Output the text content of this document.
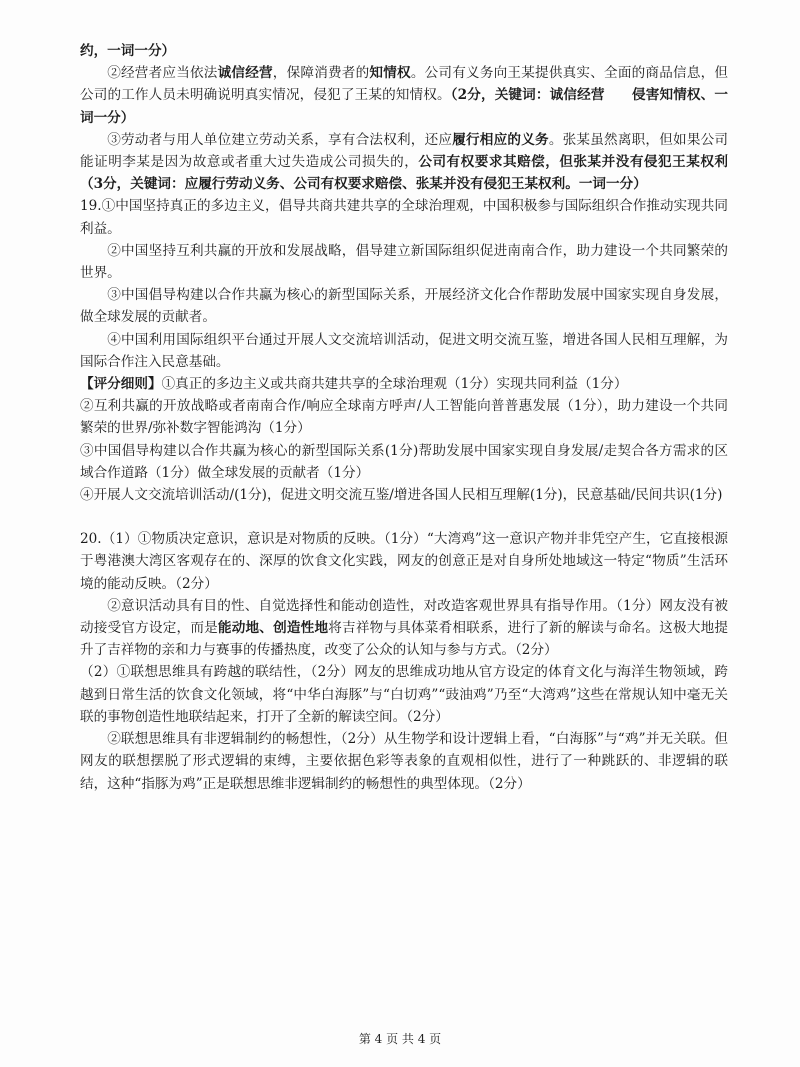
约，一词一分）

②经营者应当依法诚信经营，保障消费者的知情权。公司有义务向王某提供真实、全面的商品信息，但公司的工作人员未明确说明真实情况，侵犯了王某的知情权。（2分，关键词：诚信经营　　侵害知情权、一词一分）

③劳动者与用人单位建立劳动关系，享有合法权利，还应履行相应的义务。张某虽然离职，但如果公司能证明李某是因为故意或者重大过失造成公司损失的，公司有权要求其赔偿，但张某并没有侵犯王某权利（3分，关键词：应履行劳动义务、公司有权要求赔偿、张某并没有侵犯王某权利。一词一分）

19.①中国坚持真正的多边主义，倡导共商共建共享的全球治理观，中国积极参与国际组织合作推动实现共同利益。

②中国坚持互利共赢的开放和发展战略，倡导建立新国际组织促进南南合作，助力建设一个共同繁荣的世界。

③中国倡导构建以合作共赢为核心的新型国际关系，开展经济文化合作帮助发展中国家实现自身发展，做全球发展的贡献者。

④中国利用国际组织平台通过开展人文交流培训活动，促进文明交流互鉴，增进各国人民相互理解，为国际合作注入民意基础。

【评分细则】①真正的多边主义或共商共建共享的全球治理观（1分）实现共同利益（1分）

②互利共赢的开放战略或者南南合作/响应全球南方呼声/人工智能向普普惠发展（1分），助力建设一个共同繁荣的世界/弥补数字智能鸿沟（1分）

③中国倡导构建以合作共赢为核心的新型国际关系(1分)帮助发展中国家实现自身发展/走契合各方需求的区域合作道路（1分）做全球发展的贡献者（1分）

④开展人文交流培训活动/(1分)，促进文明交流互鉴/增进各国人民相互理解(1分)，民意基础/民间共识(1分)

20.（1）①物质决定意识，意识是对物质的反映。（1分）“大湾鸡”这一意识产物并非凭空产生，它直接根源于粤港澳大湾区客观存在的、深厚的饮食文化实践，网友的创意正是对自身所处地域这一特定“物质”生活环境的能动反映。（2分）

②意识活动具有目的性、自觉选择性和能动创造性，对改造客观世界具有指导作用。（1分）网友没有被动接受官方设定，而是能动地、创造性地将吉祥物与具体菜肴相联系，进行了新的解读与命名。这极大地提升了吉祥物的亲和力与赛事的传播热度，改变了公众的认知与参与方式。（2分）

（2）①联想思维具有跨越的联结性，（2分）网友的思维成功地从官方设定的体育文化与海洋生物领域，跨越到日常生活的饮食文化领域，将“中华白海豚”与“白切鸡”“豉油鸡”乃至“大湾鸡”这些在常规认知中毫无关联的事物创造性地联结起来，打开了全新的解读空间。（2分）

②联想思维具有非逻辑制约的畅想性，（2分）从生物学和设计逻辑上看，“白海豚”与“鸡”并无关联。但网友的联想摆脱了形式逻辑的束缚，主要依据色彩等表象的直观相似性，进行了一种跳跃的、非逻辑的联结，这种“指豚为鸡”正是联想思维非逻辑制约的畅想性的典型体现。（2分）

第 4 页 共 4 页
